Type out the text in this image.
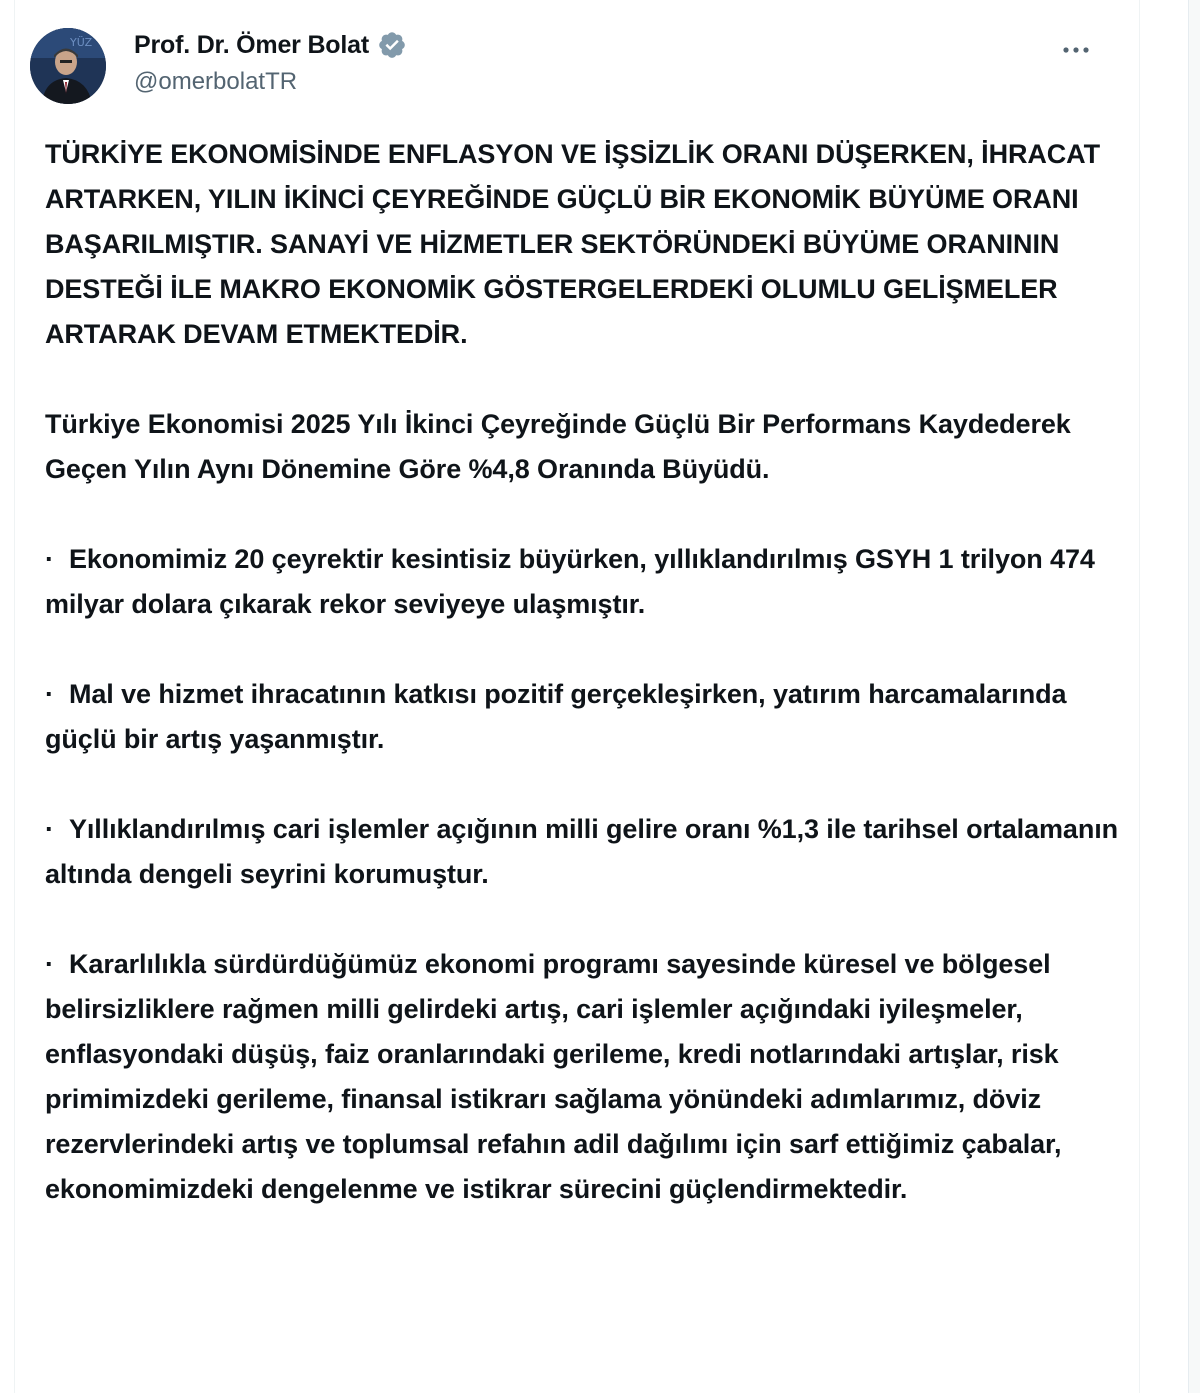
YÜZ Prof. Dr. Ömer Bolat
@omerbolatTR

TÜRKİYE EKONOMİSİNDE ENFLASYON VE İŞSİZLİK ORANI DÜŞERKEN, İHRACAT ARTARKEN, YILIN İKİNCİ ÇEYREĞİNDE GÜÇLÜ BİR EKONOMİK BÜYÜME ORANI BAŞARILMIŞTIR. SANAYİ VE HİZMETLER SEKTÖRÜNDEKİ BÜYÜME ORANININ DESTEĞİ İLE MAKRO EKONOMİK GÖSTERGELERDEKİ OLUMLU GELİŞMELER ARTARAK DEVAM ETMEKTEDİR.

Türkiye Ekonomisi 2025 Yılı İkinci Çeyreğinde Güçlü Bir Performans Kaydederek Geçen Yılın Aynı Dönemine Göre %4,8 Oranında Büyüdü.

· Ekonomimiz 20 çeyrektir kesintisiz büyürken, yıllıklandırılmış GSYH 1 trilyon 474 milyar dolara çıkarak rekor seviyeye ulaşmıştır.

· Mal ve hizmet ihracatının katkısı pozitif gerçekleşirken, yatırım harcamalarında güçlü bir artış yaşanmıştır.

· Yıllıklandırılmış cari işlemler açığının milli gelire oranı %1,3 ile tarihsel ortalamanın altında dengeli seyrini korumuştur.

· Kararlılıkla sürdürdüğümüz ekonomi programı sayesinde küresel ve bölgesel belirsizliklere rağmen milli gelirdeki artış, cari işlemler açığındaki iyileşmeler, enflasyondaki düşüş, faiz oranlarındaki gerileme, kredi notlarındaki artışlar, risk primimizdeki gerileme, finansal istikrarı sağlama yönündeki adımlarımız, döviz rezervlerindeki artış ve toplumsal refahın adil dağılımı için sarf ettiğimiz çabalar, ekonomimizdeki dengelenme ve istikrar sürecini güçlendirmektedir.
